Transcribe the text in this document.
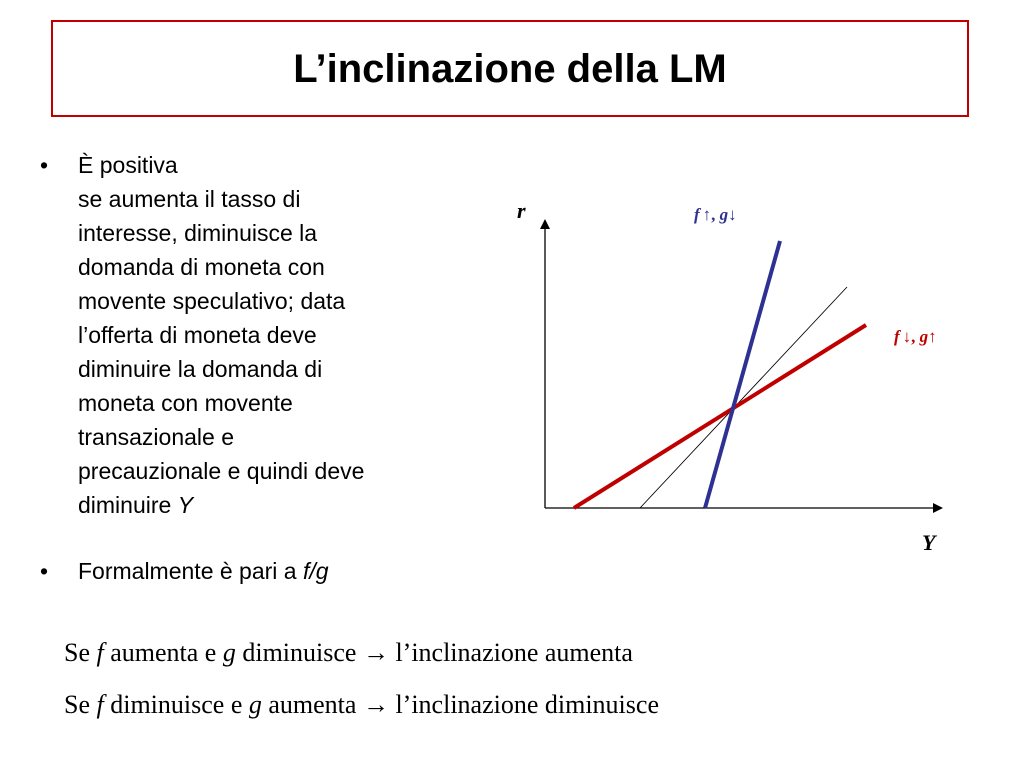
L’inclinazione della LM
• È positiva
se aumenta il tasso di
interesse, diminuisce la
domanda di moneta con
movente speculativo; data
l’offerta di moneta deve
diminuire la domanda di
moneta con movente
transazionale e
precauzionale e quindi deve
diminuire Y
• Formalmente è pari a f/g
r
Y
f ↑, g↓
f ↓, g↑
Se f aumenta e g diminuisce → l’inclinazione aumenta
Se f diminuisce e g aumenta → l’inclinazione diminuisce
